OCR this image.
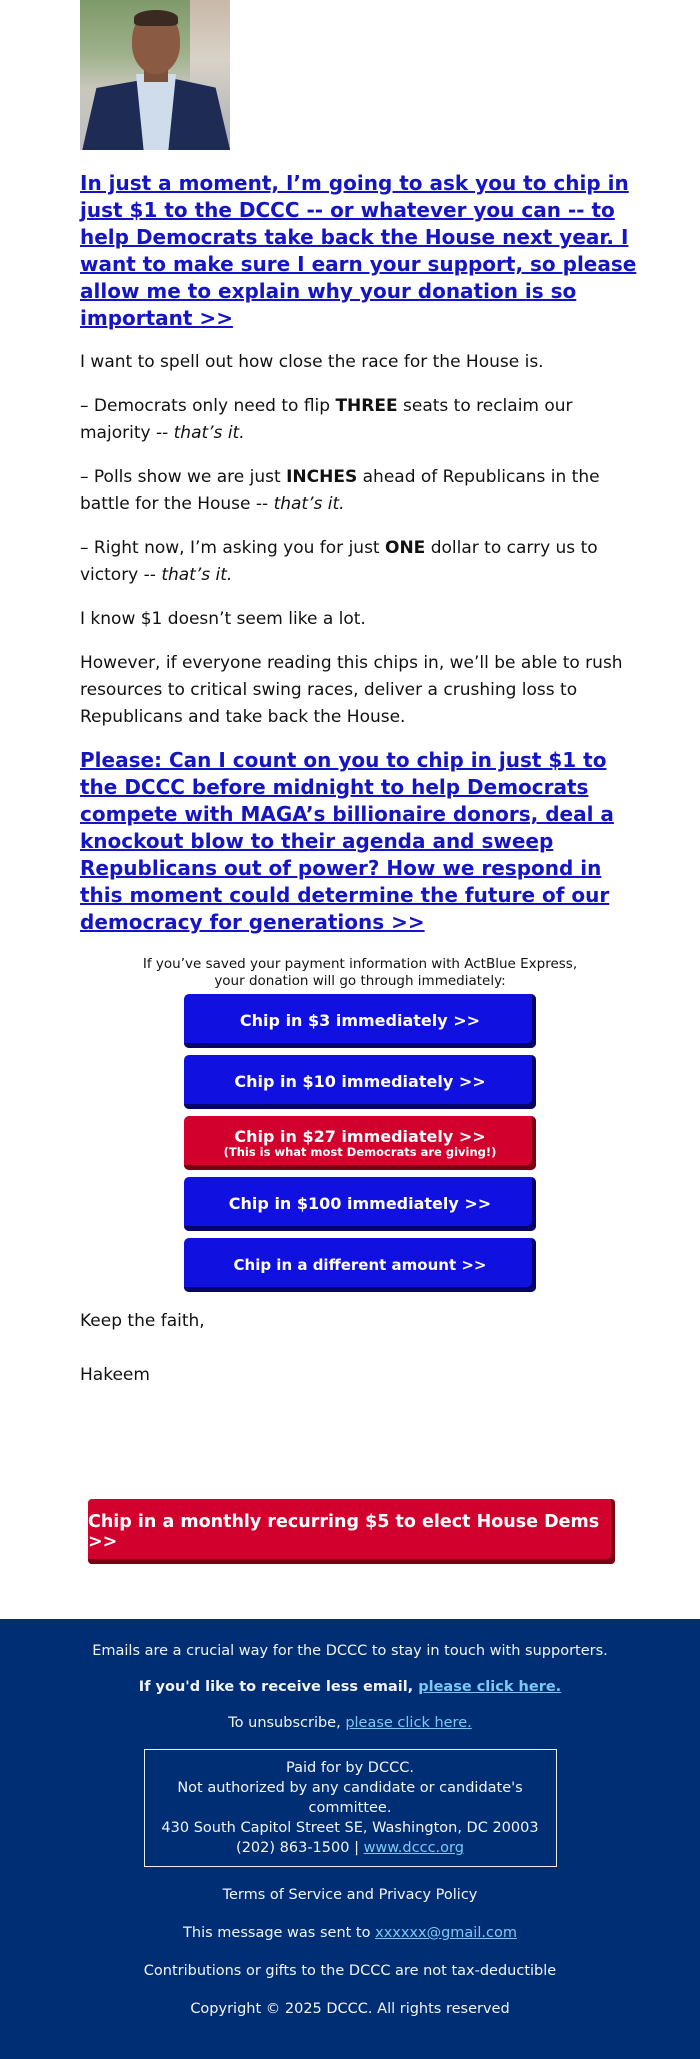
In just a moment, I’m going to ask you to chip in just $1 to the DCCC -- or whatever you can -- to help Democrats take back the House next year. I want to make sure I earn your support, so please allow me to explain why your donation is so important >>

I want to spell out how close the race for the House is.

– Democrats only need to flip THREE seats to reclaim our majority -- that’s it.

– Polls show we are just INCHES ahead of Republicans in the battle for the House -- that’s it.

– Right now, I’m asking you for just ONE dollar to carry us to victory -- that’s it.

I know $1 doesn’t seem like a lot.

However, if everyone reading this chips in, we’ll be able to rush resources to critical swing races, deliver a crushing loss to Republicans and take back the House.

Please: Can I count on you to chip in just $1 to the DCCC before midnight to help Democrats compete with MAGA’s billionaire donors, deal a knockout blow to their agenda and sweep Republicans out of power? How we respond in this moment could determine the future of our democracy for generations >>
If you’ve saved your payment information with ActBlue Express,
your donation will go through immediately:
Chip in $3 immediately >>
Chip in $10 immediately >>
Chip in $27 immediately >>
(This is what most Democrats are giving!)
Chip in $100 immediately >>
Chip in a different amount >>

Keep the faith,

Hakeem

Chip in a monthly recurring $5 to elect House Dems >>
Emails are a crucial way for the DCCC to stay in touch with supporters.
If you'd like to receive less email, please click here.
To unsubscribe, please click here.
Paid for by DCCC.
Not authorized by any candidate or candidate's committee.
430 South Capitol Street SE, Washington, DC 20003
(202) 863-1500 | www.dccc.org
Terms of Service and Privacy Policy
This message was sent to xxxxxx@gmail.com
Contributions or gifts to the DCCC are not tax-deductible
Copyright © 2025 DCCC. All rights reserved
